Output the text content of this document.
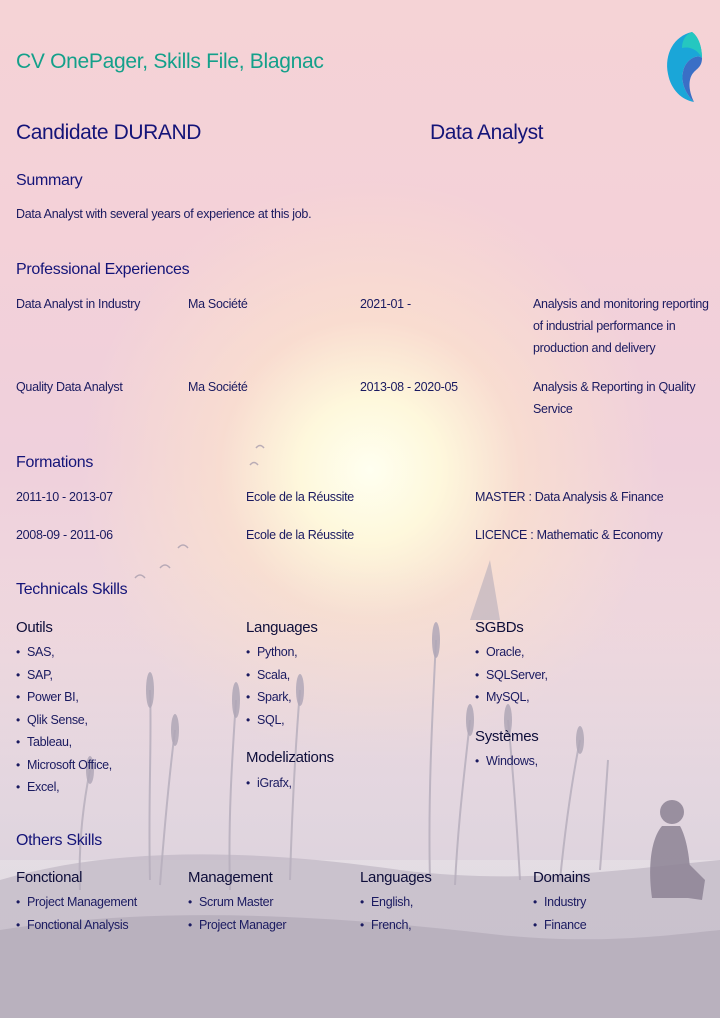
CV OnePager, Skills File, Blagnac
Candidate DURAND	Data Analyst
Summary
Data Analyst with several years of experience at this job.
Professional Experiences
Data Analyst in Industry	Ma Société	2021-01 -	Analysis and monitoring reporting of industrial performance in production and delivery
Quality Data Analyst	Ma Société	2013-08 - 2020-05	Analysis & Reporting in Quality Service
Formations
2011-10 - 2013-07	Ecole de la Réussite	MASTER : Data Analysis & Finance
2008-09 - 2011-06	Ecole de la Réussite	LICENCE : Mathematic & Economy
Technicals Skills
Outils
• SAS,
• SAP,
• Power BI,
• Qlik Sense,
• Tableau,
• Microsoft Office,
• Excel,
Languages
• Python,
• Scala,
• Spark,
• SQL,
Modelizations
• iGrafx,
SGBDs
• Oracle,
• SQLServer,
• MySQL,
Systèmes
• Windows,
Others Skills
Fonctional
• Project Management
• Fonctional Analysis
Management
• Scrum Master
• Project Manager
Languages
• English,
• French,
Domains
• Industry
• Finance
